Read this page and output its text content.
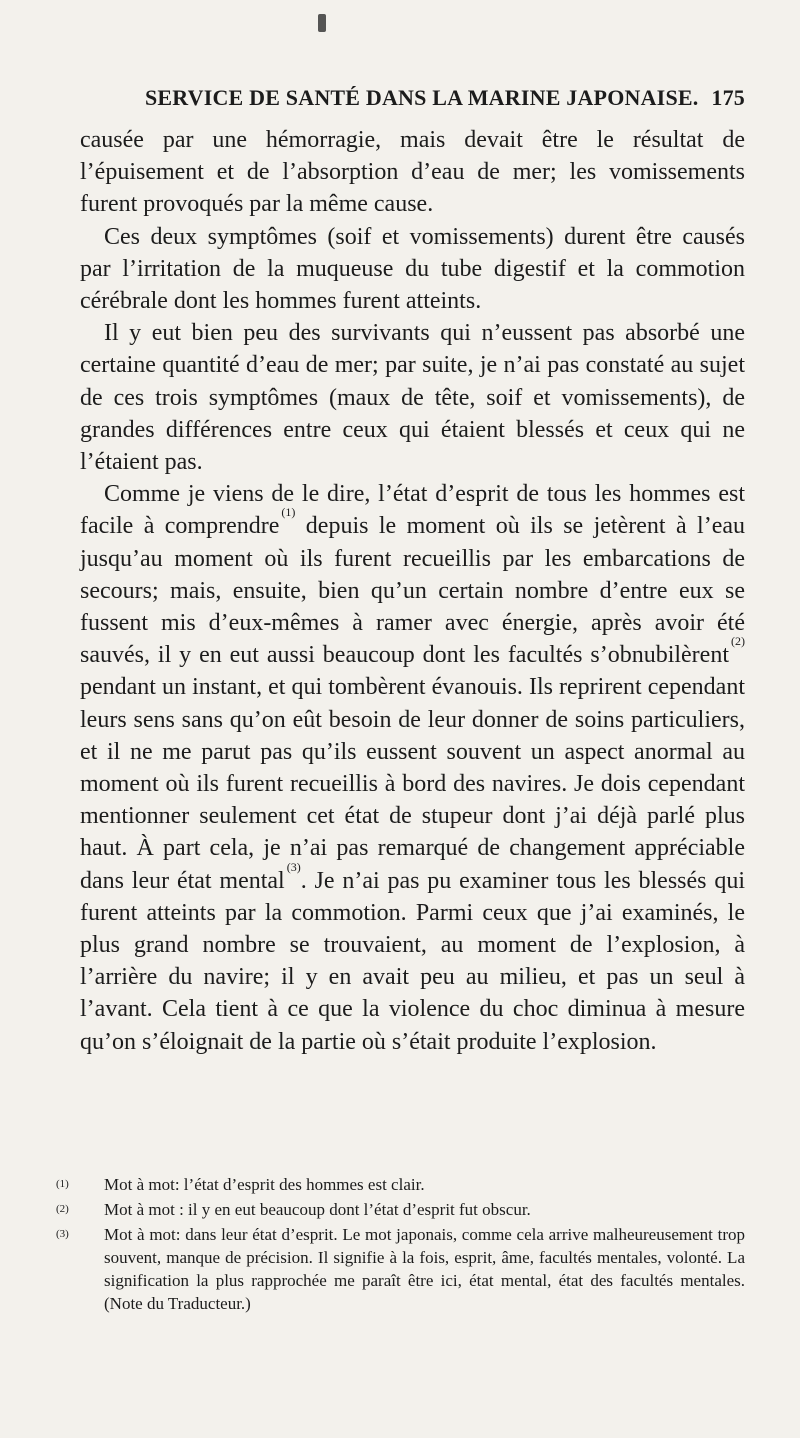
SERVICE DE SANTÉ DANS LA MARINE JAPONAISE. 175

causée par une hémorragie, mais devait être le résultat de l’épuisement et de l’absorption d’eau de mer; les vomissements furent provoqués par la même cause.

Ces deux symptômes (soif et vomissements) durent être causés par l’irritation de la muqueuse du tube digestif et la commotion cérébrale dont les hommes furent atteints.

Il y eut bien peu des survivants qui n’eussent pas absorbé une certaine quantité d’eau de mer; par suite, je n’ai pas constaté au sujet de ces trois symptômes (maux de tête, soif et vomissements), de grandes différences entre ceux qui étaient blessés et ceux qui ne l’étaient pas.

Comme je viens de le dire, l’état d’esprit de tous les hommes est facile à comprendre$^{(1)}$ depuis le moment où ils se jetèrent à l’eau jusqu’au moment où ils furent recueillis par les embarcations de secours; mais, ensuite, bien qu’un certain nombre d’entre eux se fussent mis d’eux-mêmes à ramer avec énergie, après avoir été sauvés, il y en eut aussi beaucoup dont les facultés s’obnubilèrent$^{(2)}$ pendant un instant, et qui tombèrent évanouis. Ils reprirent cependant leurs sens sans qu’on eût besoin de leur donner de soins particuliers, et il ne me parut pas qu’ils eussent souvent un aspect anormal au moment où ils furent recueillis à bord des navires. Je dois cependant mentionner seulement cet état de stupeur dont j’ai déjà parlé plus haut. À part cela, je n’ai pas remarqué de changement appréciable dans leur état mental$^{(3)}$. Je n’ai pas pu examiner tous les blessés qui furent atteints par la commotion. Parmi ceux que j’ai examinés, le plus grand nombre se trouvaient, au moment de l’explosion, à l’arrière du navire; il y en avait peu au milieu, et pas un seul à l’avant. Cela tient à ce que la violence du choc diminua à mesure qu’on s’éloignait de la partie où s’était produite l’explosion.

(1) Mot à mot: l’état d’esprit des hommes est clair.

(2) Mot à mot : il y en eut beaucoup dont l’état d’esprit fut obscur.

(3) Mot à mot: dans leur état d’esprit. Le mot japonais, comme cela arrive malheureusement trop souvent, manque de précision. Il signifie à la fois, esprit, âme, facultés mentales, volonté. La signification la plus rapprochée me paraît être ici, état mental, état des facultés mentales. (Note du Traducteur.)
